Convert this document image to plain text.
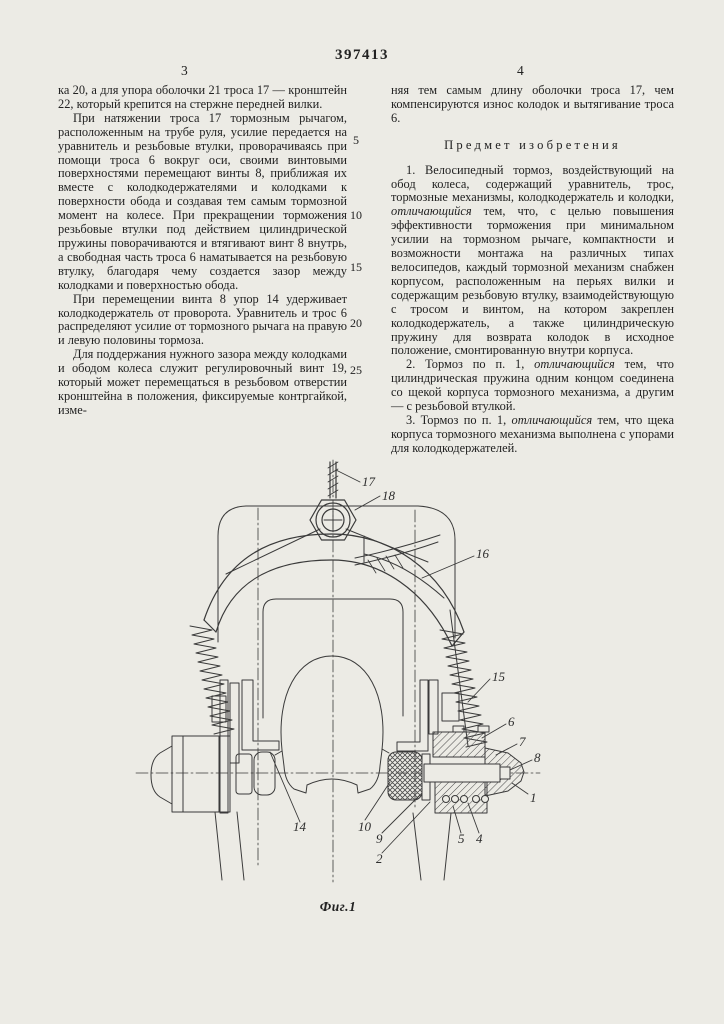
397413
3	4

ка 20, а для упора оболочки 21 троса 17 — кронштейн 22, который крепится на стержне передней вилки.

При натяжении троса 17 тормозным рычагом, расположенным на трубе руля, усилие передается на уравнитель и резьбовые втулки, проворачиваясь при помощи троса 6 вокруг оси, своими винтовыми поверхностями перемещают винты 8, приближая их вместе с колодкодержателями и колодками к поверхности обода и создавая тем самым тормозной момент на колесе. При прекращении торможения резьбовые втулки под действием цилиндрической пружины поворачиваются и втягивают винт 8 внутрь, а свободная часть троса 6 наматывается на резьбовую втулку, благодаря чему создается зазор между колодками и поверхностью обода.

При перемещении винта 8 упор 14 удерживает колодкодержатель от проворота. Уравнитель и трос 6 распределяют усилие от тормозного рычага на правую и левую половины тормоза.

Для поддержания нужного зазора между колодками и ободом колеса служит регулировочный винт 19, который может перемещаться в резьбовом отверстии кронштейна в положения, фиксируемые контргайкой, изме-

няя тем самым длину оболочки троса 17, чем компенсируются износ колодок и вытягивание троса 6.

Предмет изобретения

1. Велосипедный тормоз, воздействующий на обод колеса, содержащий уравнитель, трос, тормозные механизмы, колодкодержатель и колодки, отличающийся тем, что, с целью повышения эффективности торможения при минимальном усилии на тормозном рычаге, компактности и возможности монтажа на различных типах велосипедов, каждый тормозной механизм снабжен корпусом, расположенным на перьях вилки и содержащим резьбовую втулку, взаимодействующую с тросом и винтом, на котором закреплен колодкодержатель, а также цилиндрическую пружину для возврата колодок в исходное положение, смонтированную внутри корпуса.

2. Тормоз по п. 1, отличающийся тем, что цилиндрическая пружина одним концом соединена со щекой корпуса тормозного механизма, а другим — с резьбовой втулкой.

3. Тормоз по п. 1, отличающийся тем, что щека корпуса тормозного механизма выполнена с упорами для колодкодержателей.

5
10
15
20
25
17
18
16
15
6
7
8
1
14	10
9
2
5 4
Фиг.1
